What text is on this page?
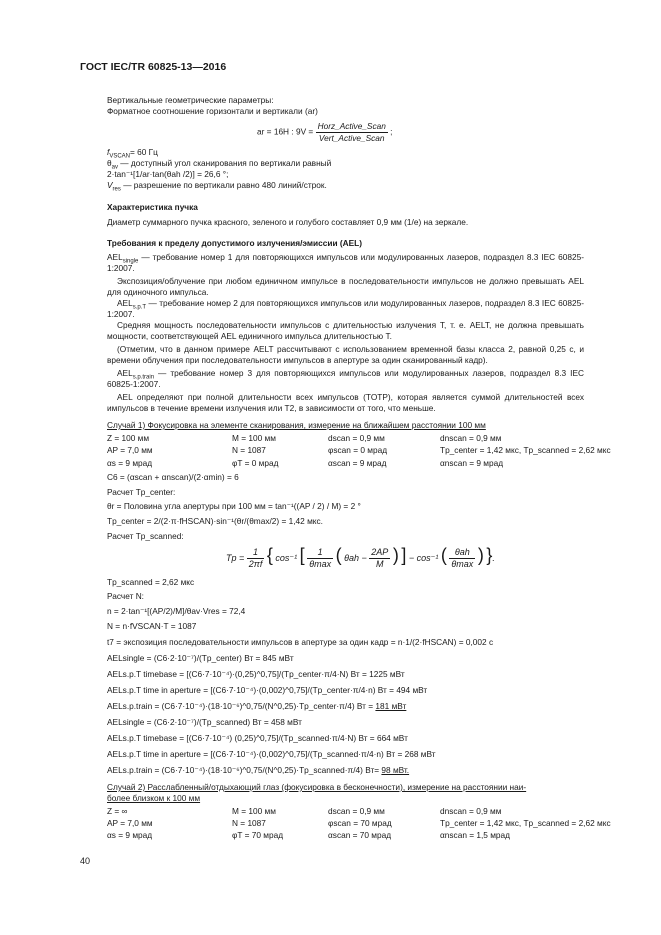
ГОСТ IEC/TR 60825-13—2016
Вертикальные геометрические параметры:
Форматное соотношение горизонтали и вертикали (ar)
ar = 16H : $9V = \frac{\text{Horz\_Active\_Scan}}{\text{Vert\_Active\_Scan}}$ ;
$f_{VSCAN}= 60$ Гц
$\theta_{av}$ — доступный угол сканирования по вертикали равный
2·tan⁻¹[1/ar·tan(θah /2)] = 26,6 °;
$V_{res}$ — разрешение по вертикали равно 480 линий/строк.
Характеристика пучка
Диаметр суммарного пучка красного, зеленого и голубого составляет 0,9 мм (1/е) на зеркале.
Требования к пределу допустимого излучения/эмиссии (AEL)
$AEL_{single}$ — требование номер 1 для повторяющихся импульсов или модулированных лазеров, подраздел 8.3 IEC 60825-1:2007.
Экспозиция/облучение при любом единичном импульсе в последовательности импульсов не должно превышать AEL для одиночного импульса.
$AEL_{s.p.T}$ — требование номер 2 для повторяющихся импульсов или модулированных лазеров, подраздел 8.3 IEC 60825-1:2007.
Средняя мощность последовательности импульсов с длительностью излучения T, т. е. AELT, не должна превышать мощности, соответствующей AEL единичного импульса длительностью T.
(Отметим, что в данном примере AELT рассчитывают с использованием временной базы класса 2, равной 0,25 с, и времени облучения при последовательности импульсов в апертуре за один сканированный кадр).
$AEL_{s.p.train}$ — требование номер 3 для повторяющихся импульсов или модулированных лазеров, подраздел 8.3 IEC 60825-1:2007.
AEL определяют при полной длительности всех импульсов (TOTP), которая является суммой длительностей всех импульсов в течение времени излучения или T2, в зависимости от того, что меньше.
Случай 1) Фокусировка на элементе сканирования, измерение на ближайшем расстоянии 100 мм
Z = 100 мм	M = 100 мм	dscan = 0,9 мм	dnscan = 0,9 мм
AP = 7,0 мм	N = 1087	φscan = 0 мрад	Tp_center = 1,42 мкс, Tp_scanned = 2,62 мкс
αs = 9 мрад	φT = 0 мрад	αscan = 9 мрад	αnscan = 9 мрад
C6 = (αscan + αnscan)/(2·αmin) = 6
Расчет Tp_center:
θr = Половина угла апертуры при 100 мм = tan⁻¹((AP / 2) / M) = 2 °
Tp_center = 2/(2·π·fHSCAN)·sin⁻¹(θr/(θmax/2) = 1,42 мкс.
Расчет Tp_scanned:
$Tp = \frac{1}{2\pi f}$ { cos⁻¹ [ $\frac{1}{\theta\max}$ ( $\theta ah - \frac{2AP}{M}$ ) ] − cos⁻¹ ( $\frac{\text{θah}}{\theta\max}$ ) }.
Tp_scanned = 2,62 мкс
Расчет N:
n = 2·tan⁻¹[(AP/2)/M]/θav·Vres = 72,4
N = n·fVSCAN·T = 1087
t7 = экспозиция последовательности импульсов в апертуре за один кадр = n·1/(2·fHSCAN) = 0,002 с
AELsingle = (C6·2·10⁻⁷)/(Tp_center) Вт = 845 мВт
AELs.p.T timebase = [(C6·7·10⁻⁴)·(0,25)^0,75]/(Tp_center·π/4·N) Вт = 1225 мВт
AELs.p.T time in aperture = [(C6·7·10⁻⁴)·(0,002)^0,75]/(Tp_center·π/4·n) Вт = 494 мВт
AELs.p.train = (C6·7·10⁻⁴)·(18·10⁻⁶)^0,75/(N^0,25)·Tp_center·π/4) Вт = 181 мВт
AELsingle = (C6·2·10⁻⁷)/(Tp_scanned) Вт = 458 мВт
AELs.p.T timebase = [(C6·7·10⁻⁴) (0,25)^0,75]/(Tp_scanned·π/4·N) Вт = 664 мВт
AELs.p.T time in aperture = [(C6·7·10⁻⁴)·(0,002)^0,75]/(Tp_scanned·π/4·n) Вт = 268 мВт
AELs.p.train = (C6·7·10⁻⁴)·(18·10⁻⁶)^0,75/(N^0,25)·Tp_scanned·π/4) Вт= 98 мВт.
Случай 2) Расслабленный/отдыхающий глаз (фокусировка в бесконечности), измерение на расстоянии наи-
более близком к 100 мм
Z = ∞	M = 100 мм	dscan = 0,9 мм	dnscan = 0,9 мм
AP = 7,0 мм	N = 1087	φscan = 70 мрад	Tp_center = 1,42 мкс, Tp_scanned = 2,62 мкс
αs = 9 мрад	φT = 70 мрад	αscan = 70 мрад	αnscan = 1,5 мрад
40
